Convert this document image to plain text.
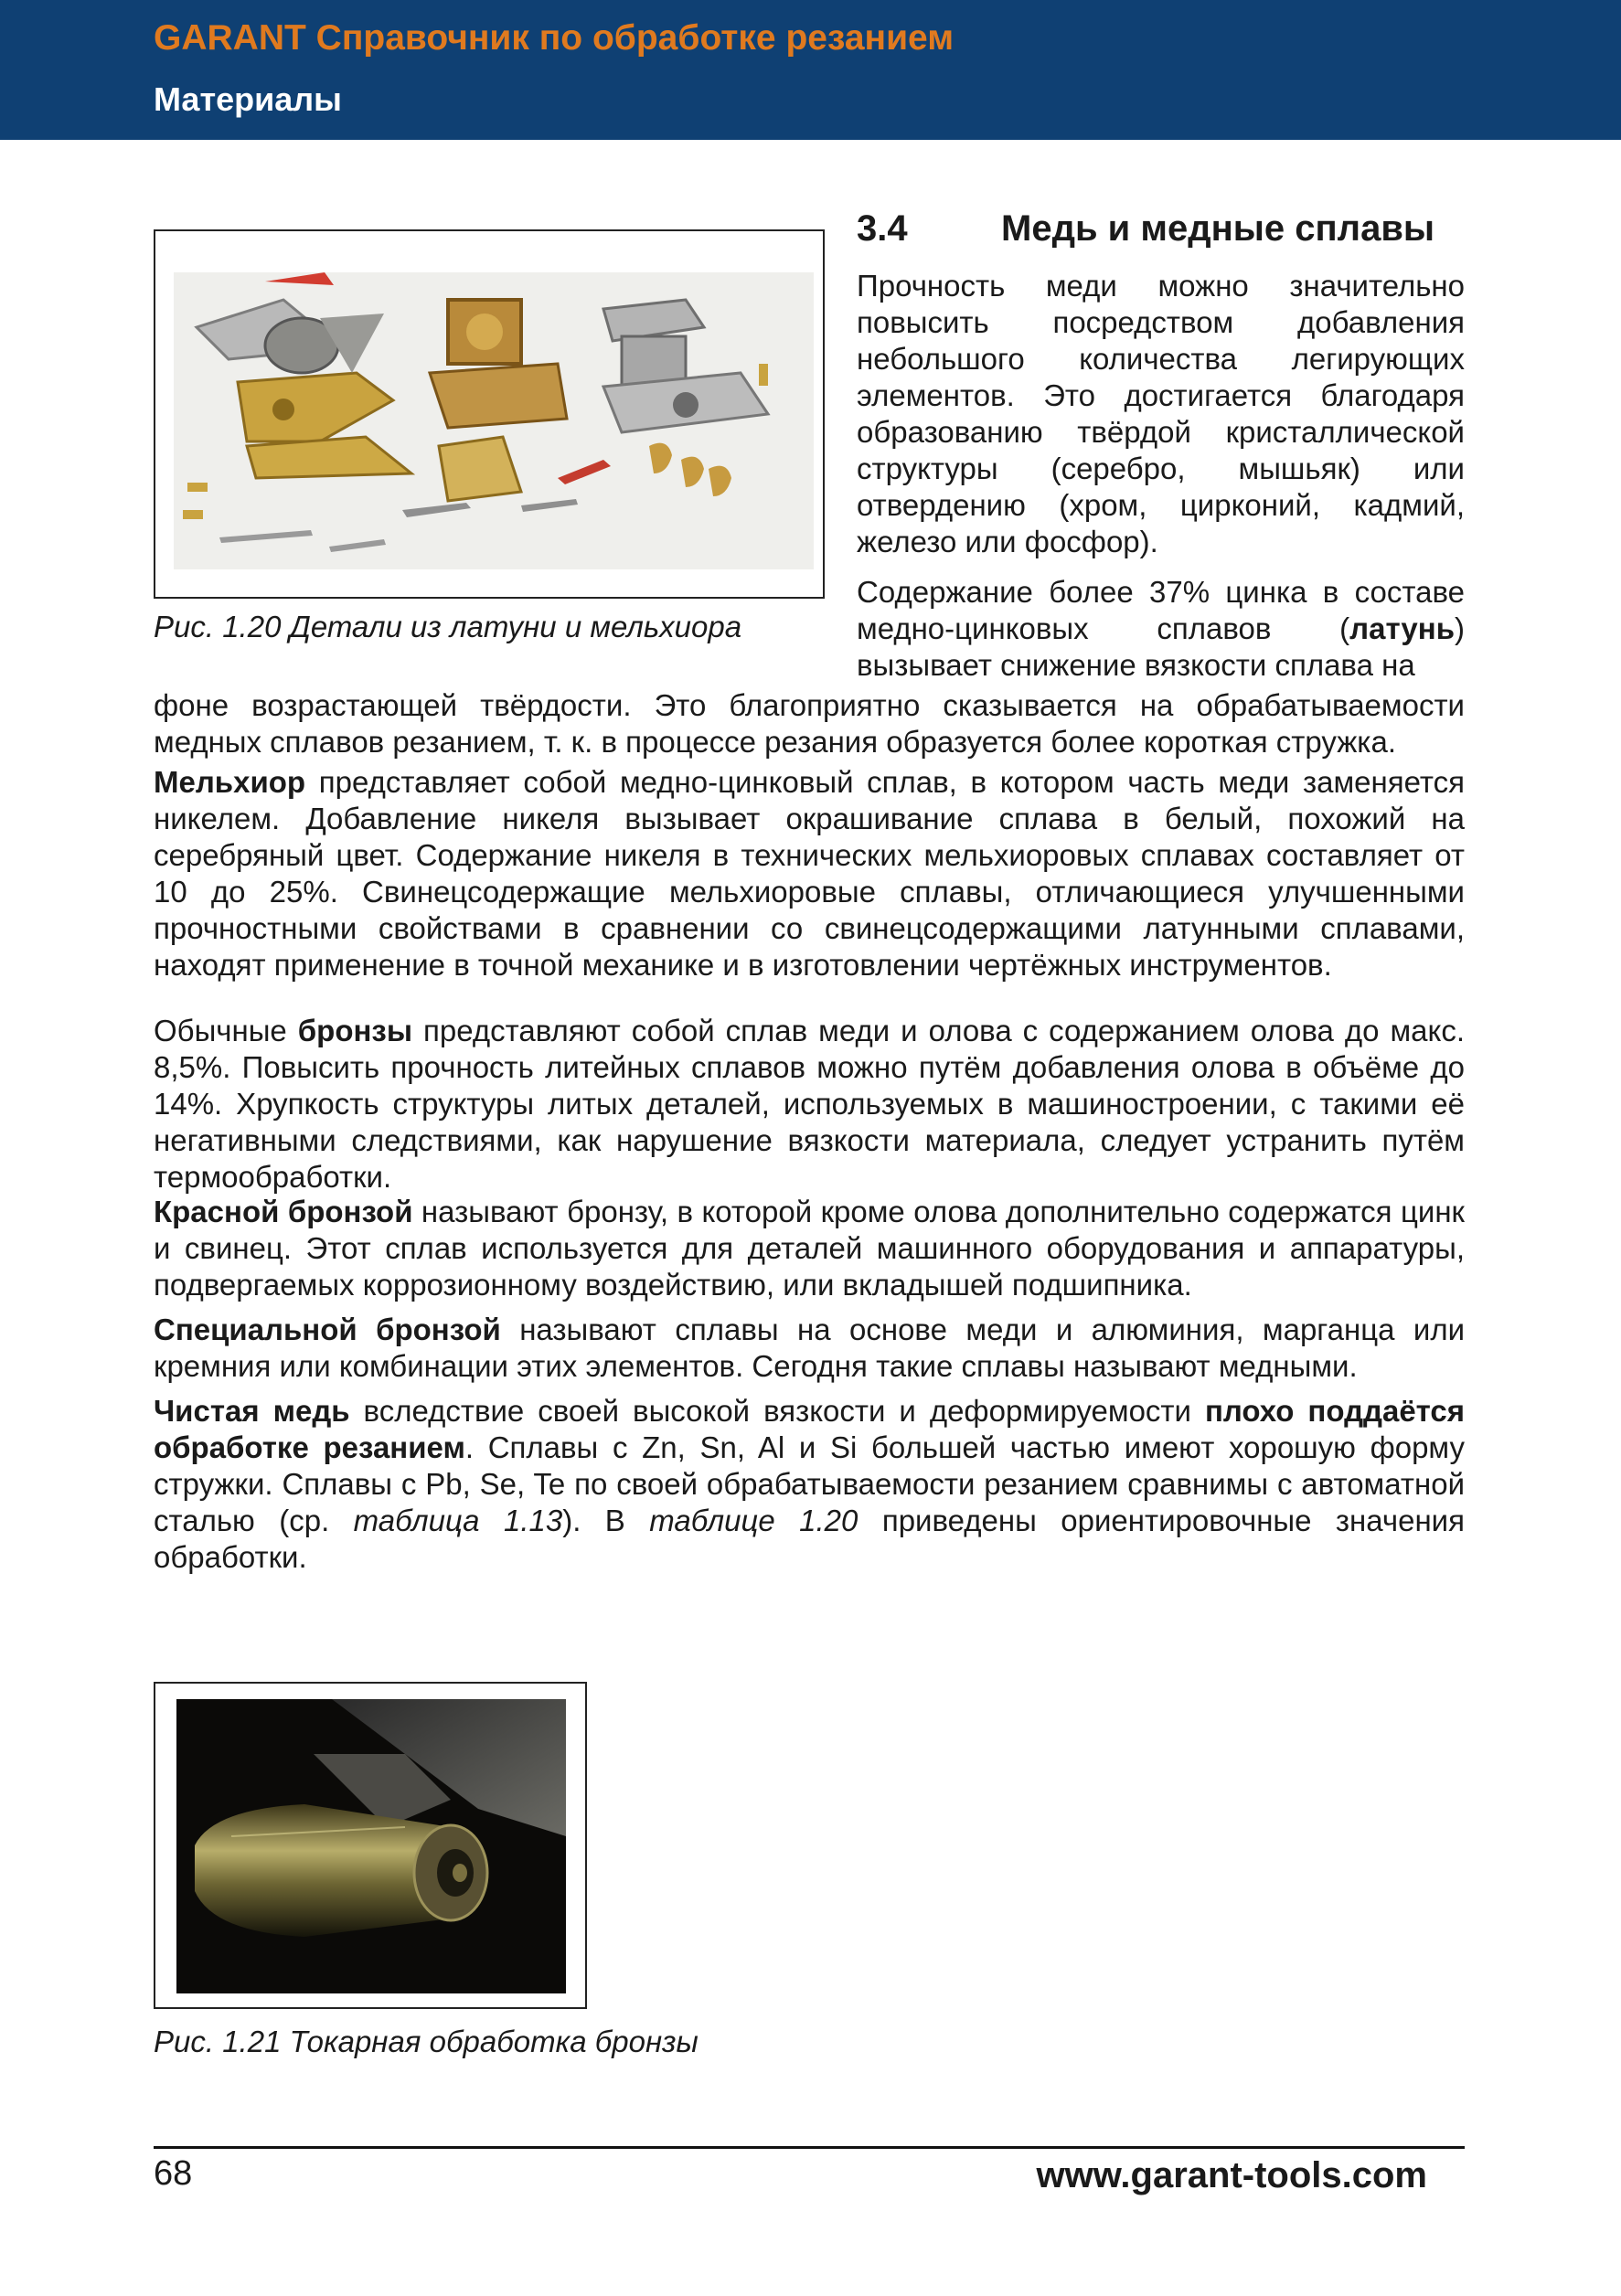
GARANT Справочник по обработке резанием
Материалы
Рис. 1.20 Детали из латуни и мельхиора
3.4	Медь и медные сплавы
Прочность меди можно значительно повысить посредством добавления небольшого количества легирующих элементов. Это достигается благодаря образованию твёрдой кристаллической структуры (серебро, мышьяк) или отвердению (хром, цирконий, кадмий, железо или фосфор).
Содержание более 37% цинка в составе медно-цинковых сплавов (латунь) вызывает снижение вязкости сплава на
фоне возрастающей твёрдости. Это благоприятно сказывается на обрабатываемости медных сплавов резанием, т. к. в процессе резания образуется более короткая стружка.
Мельхиор представляет собой медно-цинковый сплав, в котором часть меди заменяется никелем. Добавление никеля вызывает окрашивание сплава в белый, похожий на серебряный цвет. Содержание никеля в технических мельхиоровых сплавах составляет от 10 до 25%. Свинецсодержащие мельхиоровые сплавы, отличающиеся улучшенными прочностными свойствами в сравнении со свинецсодержащими латунными сплавами, находят применение в точной механике и в изготовлении чертёжных инструментов.
Обычные бронзы представляют собой сплав меди и олова с содержанием олова до макс. 8,5%. Повысить прочность литейных сплавов можно путём добавления олова в объёме до 14%. Хрупкость структуры литых деталей, используемых в машиностроении, с такими её негативными следствиями, как нарушение вязкости материала, следует устранить путём термообработки.
Красной бронзой называют бронзу, в которой кроме олова дополнительно содержатся цинк и свинец. Этот сплав используется для деталей машинного оборудования и аппаратуры, подвергаемых коррозионному воздействию, или вкладышей подшипника.
Специальной бронзой называют сплавы на основе меди и алюминия, марганца или кремния или комбинации этих элементов. Сегодня такие сплавы называют медными.
Чистая медь вследствие своей высокой вязкости и деформируемости плохо поддаётся обработке резанием. Сплавы с Zn, Sn, Al и Si большей частью имеют хорошую форму стружки. Сплавы с Pb, Se, Te по своей обрабатываемости резанием сравнимы с автоматной сталью (ср. таблица 1.13). В таблице 1.20 приведены ориентировочные значения обработки.
Рис. 1.21 Токарная обработка бронзы
68	www.garant-tools.com
